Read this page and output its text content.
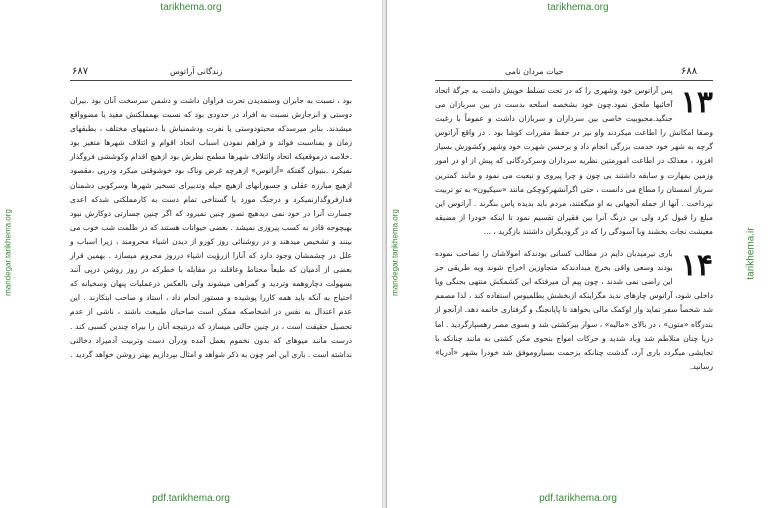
tarikhema.org
mandegar.tarikhema.org
۶۸۷	زندگانی آراتوس

بود ، نسبت به جابران وستمدیدن تحرت فراوان داشت و دشمن سرسخت آنان بود .بیران دوستی و انزجارش نسبت به افراد در حدودی بود که نسبت بهمملکتش مفید یا مضوواقع میشدند. بنابر میرسدکه محبتودوستی یا نفرت ودشمنیاش با دستههای مختلف ، بطبقهای زمان و بمناسبت فوائد و فراهم نمودن اسباب اتحاد اقوام و ائتلاف شهرها متغیر بود .خلاصه درموقعیکه اتحاد وائتلاف شهرها مطمح نظرش بود ازهیچ اقدام وکوششی فروگذار نمیکرد .بنیوان گفتکه «آراتوس» ازهرچه غرض وناک بود خوشوقتی میکرد ودرپی ،مقصود ازهیچ مبارزه عقلی و جسورانهای ازهیچ حیله وتدبیرای تسخیر شهرها وسرکوبی دشمنان فدارفروگذارنمیکرد و درجنگ مورد یا گستاخی تمام دست به کارمملکتی شدکه اعدی جسارت آنرا در خود نمی دیدهیچ تصور چنین نمیرود که اگر چنین جسارتی دوکارش نبود بهیچوجه قادر به کسب پیروزی نمیشد . بعضی حیوانات هستند که در ظلمت شب خوب می بینند و تشخیص میدهند و در روشنائی روز کورو از دیدن اشیاء محرومند ، زیرا اسباب و علل در چشمشان وجود دارد که آنارا ازرؤیت اشیاء درروز محروم میسازد . بهمین قرار بعضی از آدمیان که طبعاً محتاط وعاقلند در مقابله با خطرکه در روز روشن درپی آنند بسهولت دچاروهمه وترديد و گمراهی میشوند ولی بالعکس درعملیات پنهان وسخیانه که احتیاج به آنکه باید همه کاررا پوشیده و مستور انجام داد ، استاد و صاحب ابتکارند . این عدم اعتدال به نفس در اشخاصکه ممکن است صاحبان طبیعت باشند ، ناشی از عدم تحصیل حقیقت است ، در چنین حالتی میسازد که درنتیجه آنان را بیراه چندین کسبی کند . درست مانند میوهای که بدون نخموم بعمل آمده ودرآن دست وتربیت آدمیزاد دخالتی نداشته است . باری این امر چون به ذکر شواهد و امثال بپردازیم بهتر روشن خواهد گردید .

pdf.tarikhema.org
tarikhema.org
mandegar.tarikhema.org	tarikhema.ir
حیات مردان نامی	۶۸۸
۱۳
پس آراتوس خود وشهری را که در تحت تسلط خویش داشت به جرگهٔ اتحاد آخائیها ملحق نمود.چون خود بشخصه اسلحه بدست در بین سربازان می جنگید.محبوبیت خاصی بین سرداران و سربازان داشت و عموماً با رغبت وصفا امکانش را اطاعت میکردند واو نیز در حفظ مقررات کوشا بود . در واقع آراتوس گرچه به شهر خود خدمت بزرگی انجام داد و برحسن شهرت خود وشهر وکشورش بسیار افزود ، معذلک در اطاعت امورمتین نظریه سرداران وسرکردگانی که پیش از او در امور وزمین بمهارت و سابقه داشتند بی چون و چرا پیروی و تبعیت می نمود و مانند کمترین سرباز انمستان را مطاع می دانست ، حتی اگرآنشهرکوچکی مانند «سیکیون» به تو تربیت نپرداخت . آنها از جمله آنجهانی به او میگفتند، مردم باید بدیده پاس بنگرند . آراتوس این مبلغ را قبول کرد ولی بی درنگ آنرا بین فقیران تقسیم نمود تا اینکه خودرا از مضیقه معیشت نجات بخشند وبا آسودگی را که در گرودیگران داشتند بازگرید ، ...
۱۴
باری تیرمیدبان دایم در مطالب کسانی بودندکه امولاشان را تصاحب نموده بودند وسعی واقی بخرچ میدادندکه متجاوزین اخراج شوند ویه طریقی جز این راضی نمی شدند ، چون پیم آن میرفتکه این کشمکش منتهی بجنگی ویا داخلی شود، آراتوس چارهای ندید مگراینکه ازبخشش بطلمیوس استفاده کند ، لذا مصمم شد شخصاً سفر نماید واز اوکمک مالی بخواهد تا پایانجنگ و گرفتاری خاتمه دهد. ازآنجو از بندرگاه «متون» ، در بالای «مالیه» ، سوار بیرکشتی شد و بسوی مصر رهسپارگردید . اما دریا چنان متلاطم شد وباد شدید و حرکات امواج بنحوی مکن کشتی به مانند چنانکه با تجایشی میگردد باری آرد، گذشت چنانکه بزحمت بسیاروموفق شد خودرا بشهر «آدریا» رسانید.
pdf.tarikhema.org
